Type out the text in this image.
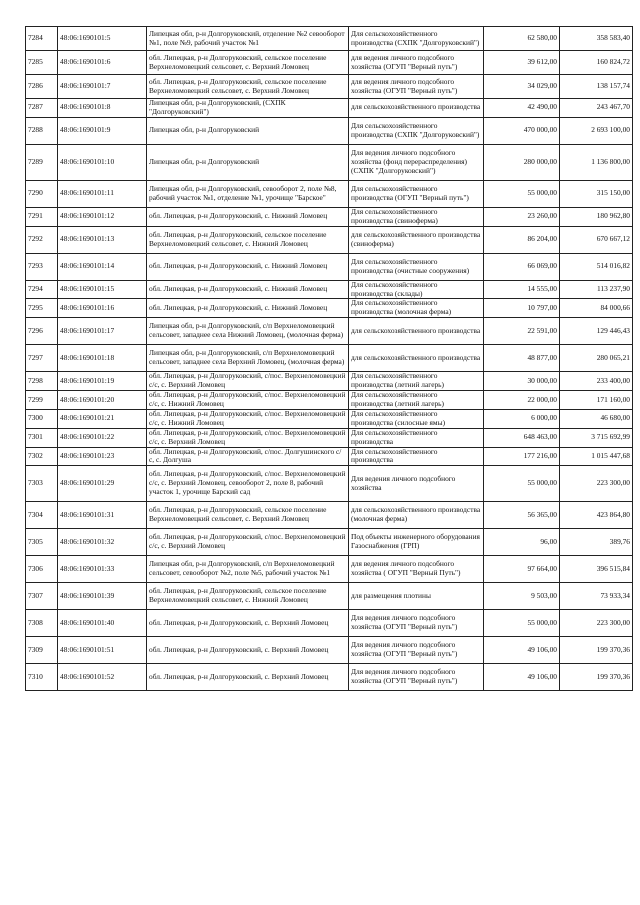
7284	48:06:1690101:5	Липецкая обл, р-н Долгоруковский, отделение №2 севооборот №1, поле №9, рабочий участок №1	Для сельскохозяйственного производства (СХПК "Долгоруковский")	62 580,00	358 583,40
7285	48:06:1690101:6	обл. Липецкая, р-н Долгоруковский, сельское поселение Верхнеломовецкий сельсовет, с. Верхний Ломовец	для ведения личного подсобного хозяйства (ОГУП "Верный путь")	39 612,00	160 824,72
7286	48:06:1690101:7	обл. Липецкая, р-н Долгоруковский, сельское поселение Верхнеломовецкий сельсовет, с. Верхний Ломовец	для ведения личного подсобного хозяйства (ОГУП "Верный путь")	34 029,00	138 157,74
7287	48:06:1690101:8	Липецкая обл, р-н Долгоруковский, (СХПК "Долгоруковский")	для сельскохозяйственного производства	42 490,00	243 467,70
7288	48:06:1690101:9	Липецкая обл, р-н Долгоруковский	Для сельскохозяйственного производства (СХПК "Долгоруковский")	470 000,00	2 693 100,00
7289	48:06:1690101:10	Липецкая обл, р-н Долгоруковский	Для ведения личного подсобного хозяйства (фонд перераспределения) (СХПК "Долгоруковский")	280 000,00	1 136 800,00
7290	48:06:1690101:11	Липецкая обл, р-н Долгоруковский, севооборот 2, поле №8, рабочий участок №1, отделение №1, урочище "Барское"	Для сельскохозяйственного производства (ОГУП "Верный путь")	55 000,00	315 150,00
7291	48:06:1690101:12	обл. Липецкая, р-н Долгоруковский, с. Нижний Ломовец	Для сельскохозяйственного производства (свиноферма)	23 260,00	180 962,80
7292	48:06:1690101:13	обл. Липецкая, р-н Долгоруковский, сельское поселение Верхнеломовецкий сельсовет, с. Нижний Ломовец	для сельскохозяйственного производства (свиноферма)	86 204,00	670 667,12
7293	48:06:1690101:14	обл. Липецкая, р-н Долгоруковский, с. Нижний Ломовец	Для сельскохозяйственного производства (очистные сооружения)	66 069,00	514 016,82
7294	48:06:1690101:15	обл. Липецкая, р-н Долгоруковский, с. Нижний Ломовец	Для сельскохозяйственного производства (склады)	14 555,00	113 237,90
7295	48:06:1690101:16	обл. Липецкая, р-н Долгоруковский, с. Нижний Ломовец	Для сельскохозяйственного производства (молочная ферма)	10 797,00	84 000,66
7296	48:06:1690101:17	Липецкая обл, р-н Долгоруковский, с/п Верхнеломовецкий сельсовет, западнее села Нижний Ломовец, (молочная ферма)	для сельскохозяйственного производства	22 591,00	129 446,43
7297	48:06:1690101:18	Липецкая обл, р-н Долгоруковский, с/п Верхнеломовецкий сельсовет, западнее села Верхний Ломовец, (молочная ферма)	для сельскохозяйственного производства	48 877,00	280 065,21
7298	48:06:1690101:19	обл. Липецкая, р-н Долгоруковский, с/пос. Верхнеломовецкий с/с, с. Верхний Ломовец	Для сельскохозяйственного производства (летний лагерь)	30 000,00	233 400,00
7299	48:06:1690101:20	обл. Липецкая, р-н Долгоруковский, с/пос. Верхнеломовецкий с/с, с. Нижний Ломовец	Для сельскохозяйственного производства (летний лагерь)	22 000,00	171 160,00
7300	48:06:1690101:21	обл. Липецкая, р-н Долгоруковский, с/пос. Верхнеломовецкий с/с, с. Нижний Ломовец	Для сельскохозяйственного производства (силосные ямы)	6 000,00	46 680,00
7301	48:06:1690101:22	обл. Липецкая, р-н Долгоруковский, с/пос. Верхнеломовецкий с/с, с. Верхний Ломовец	Для сельскохозяйственного производства	648 463,00	3 715 692,99
7302	48:06:1690101:23	обл. Липецкая, р-н Долгоруковский, с/пос. Долгушинского с/с, с. Долгуша	Для сельскохозяйственного производства	177 216,00	1 015 447,68
7303	48:06:1690101:29	обл. Липецкая, р-н Долгоруковский, с/пос. Верхнеломовецкий с/с, с. Верхний Ломовец, севооборот 2, поле 8, рабочий участок 1, урочище Барский сад	Для ведения личного подсобного хозяйства	55 000,00	223 300,00
7304	48:06:1690101:31	обл. Липецкая, р-н Долгоруковский, сельское поселение Верхнеломовецкий сельсовет, с. Верхний Ломовец	для сельскохозяйственного производства (молочная ферма)	56 365,00	423 864,80
7305	48:06:1690101:32	обл. Липецкая, р-н Долгоруковский, с/пос. Верхнеломовецкий с/с, с. Верхний Ломовец	Под объекты инженерного оборудования Газоснабжения (ГРП)	96,00	389,76
7306	48:06:1690101:33	Липецкая обл, р-н Долгоруковский, с/п Верхнеломовецкий сельсовет, севооборот №2, поле №5, рабочий участок №1	для ведения личного подсобного хозяйства ( ОГУП "Верный Путь")	97 664,00	396 515,84
7307	48:06:1690101:39	обл. Липецкая, р-н Долгоруковский, сельское поселение Верхнеломовецкий сельсовет, с. Нижний Ломовец	для размещения плотины	9 503,00	73 933,34
7308	48:06:1690101:40	обл. Липецкая, р-н Долгоруковский, с. Верхний Ломовец	Для ведения личного подсобного хозяйства (ОГУП "Верный путь")	55 000,00	223 300,00
7309	48:06:1690101:51	обл. Липецкая, р-н Долгоруковский, с. Верхний Ломовец	Для ведения личного подсобного хозяйства (ОГУП "Верный путь")	49 106,00	199 370,36
7310	48:06:1690101:52	обл. Липецкая, р-н Долгоруковский, с. Верхний Ломовец	Для ведения личного подсобного хозяйства (ОГУП "Верный путь")	49 106,00	199 370,36
